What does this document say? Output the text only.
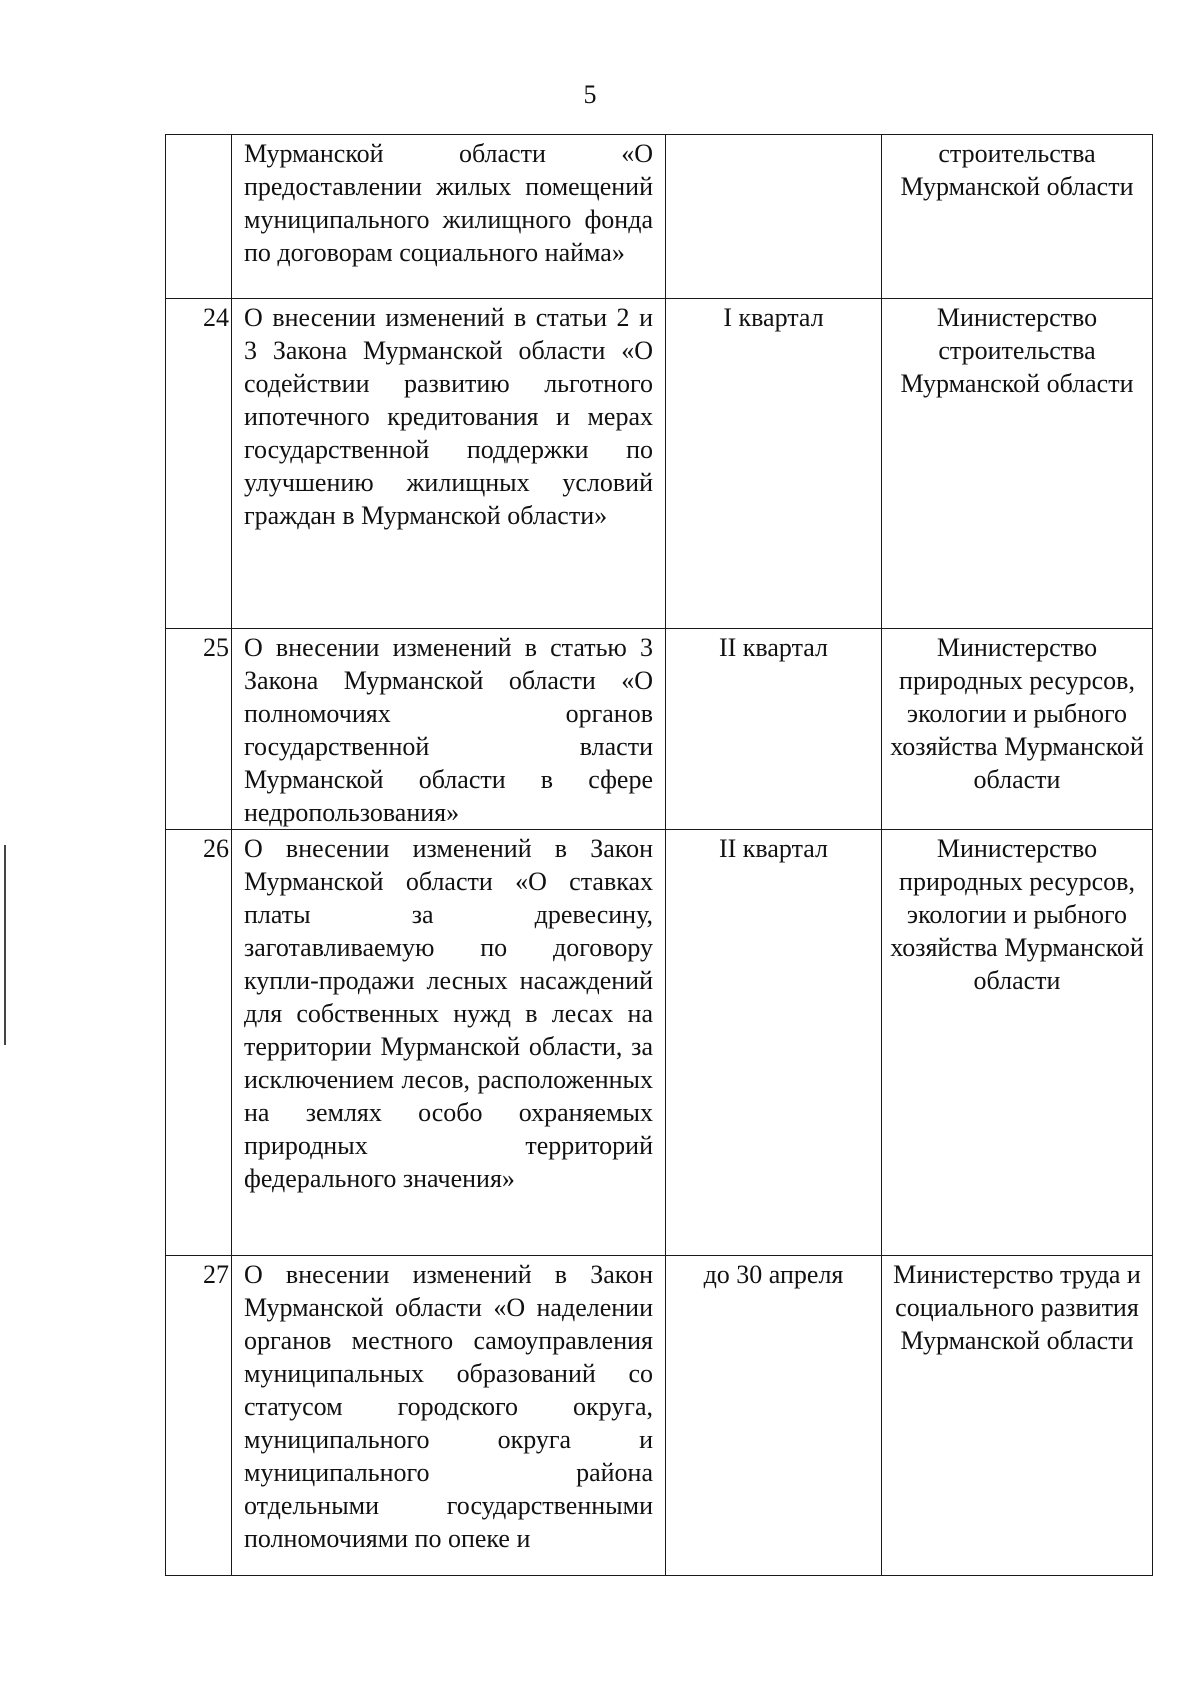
5
	Мурманской области «О предоставлении жилых помещений муниципального жилищного фонда по договорам социального найма»		строительства Мурманской области
24	О внесении изменений в статьи 2 и 3 Закона Мурманской области «О содействии развитию льготного ипотечного кредитования и мерах государственной поддержки по улучшению жилищных условий граждан в Мурманской области»	I квартал	Министерство строительства Мурманской области
25	О внесении изменений в статью 3 Закона Мурманской области «О полномочиях органов государственной власти Мурманской области в сфере недропользования»	II квартал	Министерство природных ресурсов, экологии и рыбного хозяйства Мурманской области
26	О внесении изменений в Закон Мурманской области «О ставках платы за древесину, заготавливаемую по договору купли-продажи лесных насаждений для собственных нужд в лесах на территории Мурманской области, за исключением лесов, расположенных на землях особо охраняемых природных территорий федерального значения»	II квартал	Министерство природных ресурсов, экологии и рыбного хозяйства Мурманской области
27	О внесении изменений в Закон Мурманской области «О наделении органов местного самоуправления муниципальных образований со статусом городского округа, муниципального округа и муниципального района отдельными государственными полномочиями по опеке и	до 30 апреля	Министерство труда и социального развития Мурманской области
